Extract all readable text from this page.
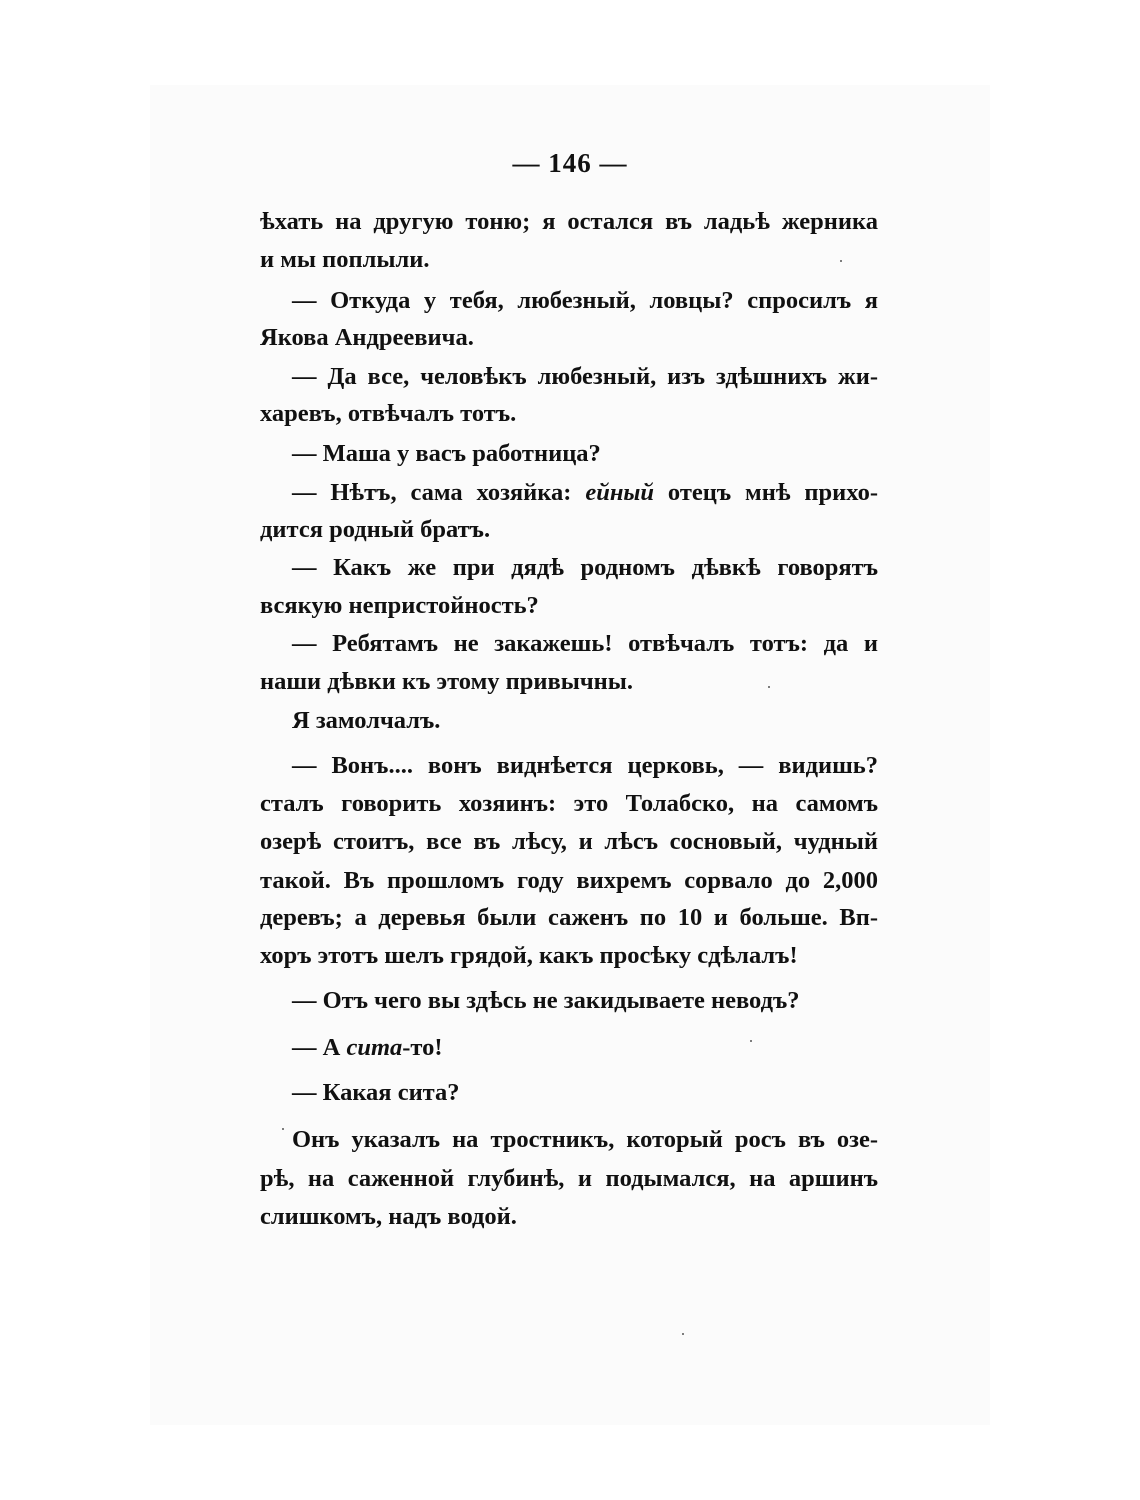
— 146 —
ѣхать на другую тоню; я остался въ ладьѣ жерника
и мы поплыли.
— Откуда у тебя, любезный, ловцы? спросилъ я
Якова Андреевича.
— Да все, человѣкъ любезный, изъ здѣшнихъ жи-
харевъ, отвѣчалъ тотъ.
— Маша у васъ работница?
— Нѣтъ, сама хозяйка: ейный отецъ мнѣ прихо-
дится родный братъ.
— Какъ же при дядѣ родномъ дѣвкѣ говорятъ
всякую непристойность?
— Ребятамъ не закажешь! отвѣчалъ тотъ: да и
наши дѣвки къ этому привычны.
Я замолчалъ.
— Вонъ.... вонъ виднѣется церковь, — видишь?
сталъ говорить хозяинъ: это Толабско, на самомъ
озерѣ стоитъ, все въ лѣсу, и лѣсъ сосновый, чудный
такой. Въ прошломъ году вихремъ сорвало до 2,000
деревъ; а деревья были саженъ по 10 и больше. Вп-
хоръ этотъ шелъ грядой, какъ просѣку сдѣлалъ!
— Отъ чего вы здѣсь не закидываете неводъ?
— А сита-то!
— Какая сита?
Онъ указалъ на тростникъ, который росъ въ озе-
рѣ, на саженной глубинѣ, и подымался, на аршинъ
слишкомъ, надъ водой.
